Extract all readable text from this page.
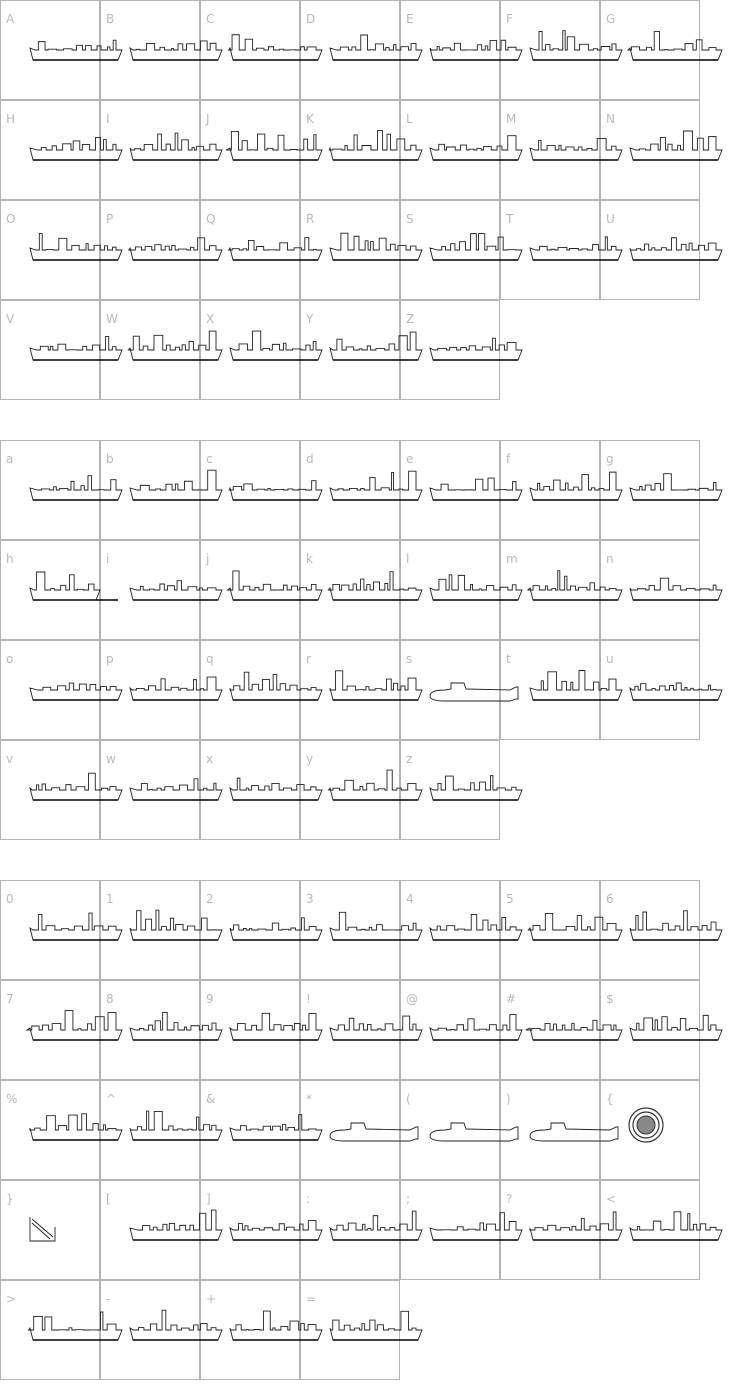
A	B	C	D	E	F	G
H	I	J	K	L	M	N
O	P	Q	R	S	T	U
V	W	X	Y	Z
a	b	c	d	e	f	g
h	i	j	k	l	m	n
o	p	q	r	s	t	u
v	w	x	y	z
0	1	2	3	4	5	6
7	8	9	!	@	#	$
%	^	&	*	(	)	{
}	[	]	:	;	?	<
>	-	+	=
